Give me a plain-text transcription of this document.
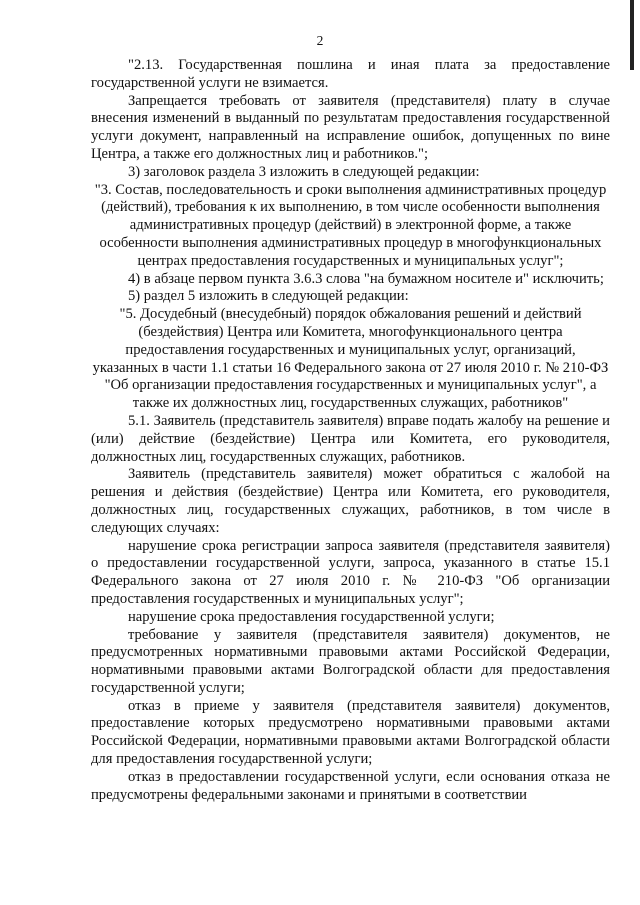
2

"2.13. Государственная пошлина и иная плата за предоставление государственной услуги не взимается.

Запрещается требовать от заявителя (представителя) плату в случае внесения изменений в выданный по результатам предоставления государственной услуги документ, направленный на исправление ошибок, допущенных по вине Центра, а также его должностных лиц и работников.";

3) заголовок раздела 3 изложить в следующей редакции:

"3. Состав, последовательность и сроки выполнения административных процедур (действий), требования к их выполнению, в том числе особенности выполнения административных процедур (действий) в электронной форме, а также особенности выполнения административных процедур в многофункциональных центрах предоставления государственных и муниципальных услуг";

4) в абзаце первом пункта 3.6.3 слова "на бумажном носителе и" исключить;

5) раздел 5 изложить в следующей редакции:

"5. Досудебный (внесудебный) порядок обжалования решений и действий (бездействия) Центра или Комитета, многофункционального центра предоставления государственных и муниципальных услуг, организаций, указанных в части 1.1 статьи 16 Федерального закона от 27 июля 2010 г. № 210-ФЗ "Об организации предоставления государственных и муниципальных услуг", а также их должностных лиц, государственных служащих, работников"

5.1. Заявитель (представитель заявителя) вправе подать жалобу на решение и (или) действие (бездействие) Центра или Комитета, его руководителя, должностных лиц, государственных служащих, работников.

Заявитель (представитель заявителя) может обратиться с жалобой на решения и действия (бездействие) Центра или Комитета, его руководителя, должностных лиц, государственных служащих, работников, в том числе в следующих случаях:

нарушение срока регистрации запроса заявителя (представителя заявителя) о предоставлении государственной услуги, запроса, указанного в статье 15.1 Федерального закона от 27 июля 2010 г. № 210-ФЗ "Об организации предоставления государственных и муниципальных услуг";

нарушение срока предоставления государственной услуги;

требование у заявителя (представителя заявителя) документов, не предусмотренных нормативными правовыми актами Российской Федерации, нормативными правовыми актами Волгоградской области для предоставления государственной услуги;

отказ в приеме у заявителя (представителя заявителя) документов, предоставление которых предусмотрено нормативными правовыми актами Российской Федерации, нормативными правовыми актами Волгоградской области для предоставления государственной услуги;

отказ в предоставлении государственной услуги, если основания отказа не предусмотрены федеральными законами и принятыми в соответствии
